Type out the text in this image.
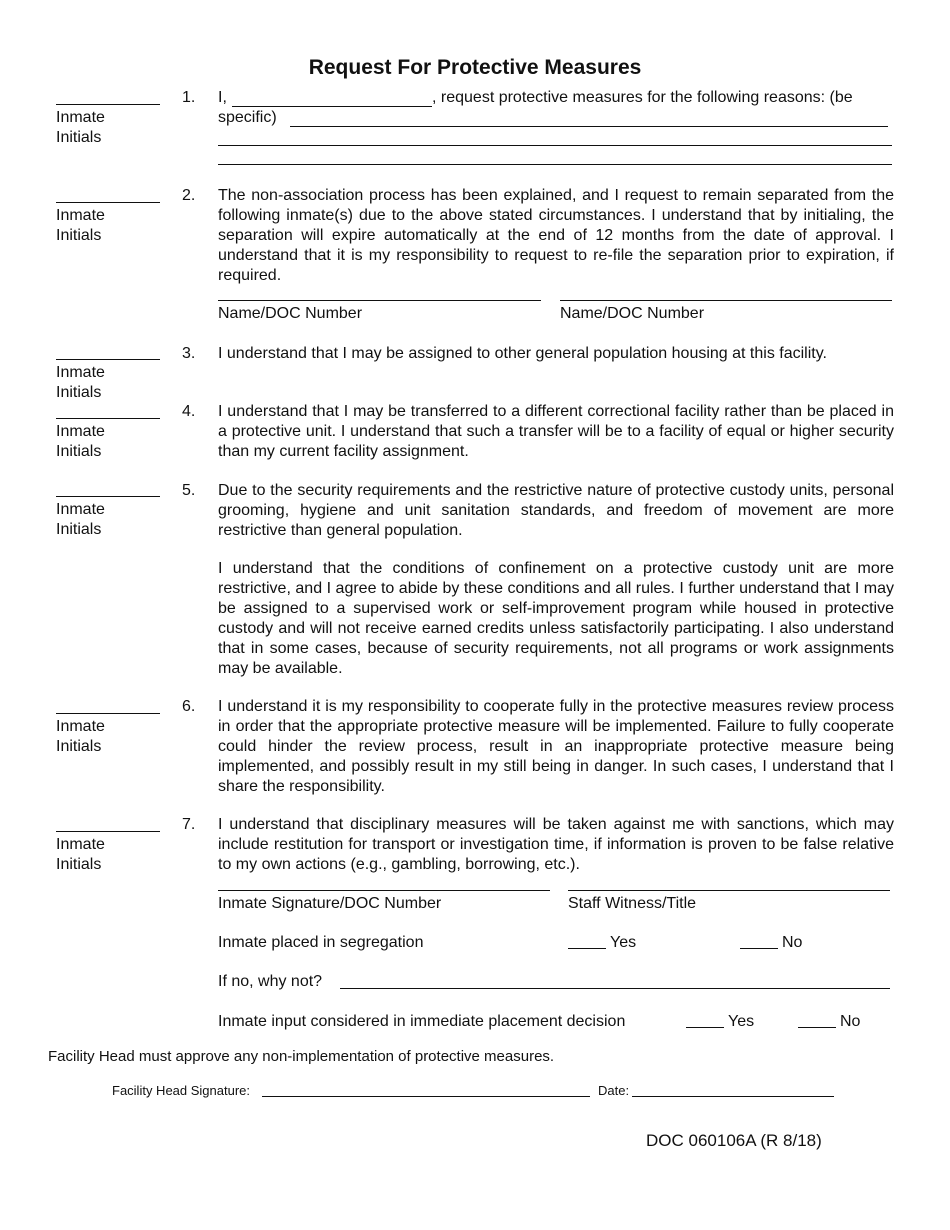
Request For Protective Measures
Inmate
Initials
1. I,	, request protective measures for the following reasons: (be
specific)
Inmate
Initials
2. The non-association process has been explained, and I request to remain separated from the following inmate(s) due to the above stated circumstances. I understand that by initialing, the separation will expire automatically at the end of 12 months from the date of approval. I understand that it is my responsibility to request to re-file the separation prior to expiration, if required.
Name/DOC Number	Name/DOC Number
Inmate
Initials
3. I understand that I may be assigned to other general population housing at this facility.
Inmate
Initials
4. I understand that I may be transferred to a different correctional facility rather than be placed in a protective unit. I understand that such a transfer will be to a facility of equal or higher security than my current facility assignment.
Inmate
Initials
5. Due to the security requirements and the restrictive nature of protective custody units, personal grooming, hygiene and unit sanitation standards, and freedom of movement are more restrictive than general population.
I understand that the conditions of confinement on a protective custody unit are more restrictive, and I agree to abide by these conditions and all rules. I further understand that I may be assigned to a supervised work or self-improvement program while housed in protective custody and will not receive earned credits unless satisfactorily participating. I also understand that in some cases, because of security requirements, not all programs or work assignments may be available.
Inmate
Initials
6. I understand it is my responsibility to cooperate fully in the protective measures review process in order that the appropriate protective measure will be implemented. Failure to fully cooperate could hinder the review process, result in an inappropriate protective measure being implemented, and possibly result in my still being in danger. In such cases, I understand that I share the responsibility.
Inmate
Initials
7. I understand that disciplinary measures will be taken against me with sanctions, which may include restitution for transport or investigation time, if information is proven to be false relative to my own actions (e.g., gambling, borrowing, etc.).
Inmate Signature/DOC Number	Staff Witness/Title
Inmate placed in segregation	Yes	No
If no, why not?
Inmate input considered in immediate placement decision	Yes	No
Facility Head must approve any non-implementation of protective measures.
Facility Head Signature:	Date:
DOC 060106A (R 8/18)
